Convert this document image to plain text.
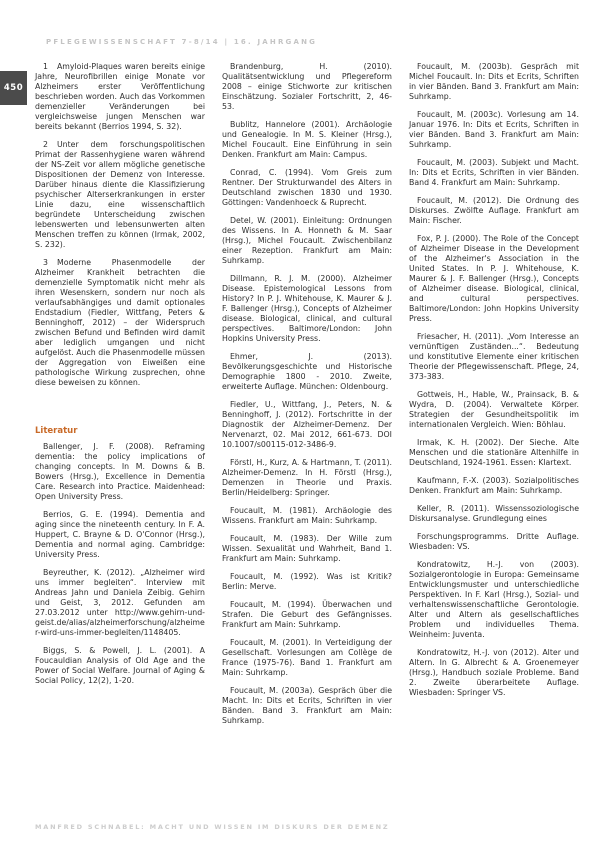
PFLEGEWISSENSCHAFT 7-8/14 | 16. JAHRGANG
450

1 Amyloid-Plaques waren bereits einige Jahre, Neurofibrillen einige Monate vor Alzheimers erster Veröffentlichung beschrieben worden. Auch das Vorkommen demenzieller Veränderungen bei vergleichsweise jungen Menschen war bereits bekannt (Berrios 1994, S. 32).

2 Unter dem forschungspolitischen Primat der Rassenhygiene waren während der NS-Zeit vor allem mögliche genetische Dispositionen der Demenz von Interesse. Darüber hinaus diente die Klassifizierung psychischer Alterserkrankungen in erster Linie dazu, eine wissenschaftlich begründete Unterscheidung zwischen lebenswerten und lebensunwerten alten Menschen treffen zu können (Irmak, 2002, S. 232).

3 Moderne Phasenmodelle der Alzheimer Krankheit betrachten die demenzielle Symptomatik nicht mehr als ihren Wesenskern, sondern nur noch als verlaufsabhängiges und damit optionales Endstadium (Fiedler, Wittfang, Peters & Benninghoff, 2012) – der Widerspruch zwischen Befund und Befinden wird damit aber lediglich umgangen und nicht aufgelöst. Auch die Phasenmodelle müssen der Aggregation von Eiweißen eine pathologische Wirkung zusprechen, ohne diese beweisen zu können.

Literatur

Ballenger, J. F. (2008). Reframing dementia: the policy implications of changing concepts. In M. Downs & B. Bowers (Hrsg.), Excellence in Dementia Care. Research into Practice. Maidenhead: Open University Press.

Berrios, G. E. (1994). Dementia and aging since the nineteenth century. In F. A. Huppert, C. Brayne & D. O'Connor (Hrsg.), Dementia and normal aging. Cambridge: University Press.

Beyreuther, K. (2012). „Alzheimer wird uns immer begleiten“. Interview mit Andreas Jahn und Daniela Zeibig. Gehirn und Geist, 3, 2012. Gefunden am 27.03.2012 unter http://www.gehirn-und-geist.de/alias/alzheimerforschung/alzheimer-wird-uns-immer-begleiten/1148405.

Biggs, S. & Powell, J. L. (2001). A Foucauldian Analysis of Old Age and the Power of Social Welfare. Journal of Aging & Social Policy, 12(2), 1-20.

Brandenburg, H. (2010). Qualitätsentwicklung und Pflegereform 2008 – einige Stichworte zur kritischen Einschätzung. Sozialer Fortschritt, 2, 46-53.

Bublitz, Hannelore (2001). Archäologie und Genealogie. In M. S. Kleiner (Hrsg.), Michel Foucault. Eine Einführung in sein Denken. Frankfurt am Main: Campus.

Conrad, C. (1994). Vom Greis zum Rentner. Der Strukturwandel des Alters in Deutschland zwischen 1830 und 1930. Göttingen: Vandenhoeck & Ruprecht.

Detel, W. (2001). Einleitung: Ordnungen des Wissens. In A. Honneth & M. Saar (Hrsg.), Michel Foucault. Zwischenbilanz einer Rezeption. Frankfurt am Main: Suhrkamp.

Dillmann, R. J. M. (2000). Alzheimer Disease. Epistemological Lessons from History? In P. J. Whitehouse, K. Maurer & J. F. Ballenger (Hrsg.), Concepts of Alzheimer disease. Biological, clinical, and cultural perspectives. Baltimore/London: John Hopkins University Press.

Ehmer, J. (2013). Bevölkerungsgeschichte und Historische Demographie 1800 - 2010. Zweite, erweiterte Auflage. München: Oldenbourg.

Fiedler, U., Wittfang, J., Peters, N. & Benninghoff, J. (2012). Fortschritte in der Diagnostik der Alzheimer-Demenz. Der Nervenarzt, 02. Mai 2012, 661-673. DOI 10.1007/s00115-012-3486-9.

Förstl, H., Kurz, A. & Hartmann, T. (2011). Alzheimer-Demenz. In H. Förstl (Hrsg.), Demenzen in Theorie und Praxis. Berlin/Heidelberg: Springer.

Foucault, M. (1981). Archäologie des Wissens. Frankfurt am Main: Suhrkamp.

Foucault, M. (1983). Der Wille zum Wissen. Sexualität und Wahrheit, Band 1. Frankfurt am Main: Suhrkamp.

Foucault, M. (1992). Was ist Kritik? Berlin: Merve.

Foucault, M. (1994). Überwachen und Strafen. Die Geburt des Gefängnisses. Frankfurt am Main: Suhrkamp.

Foucault, M. (2001). In Verteidigung der Gesellschaft. Vorlesungen am Collège de France (1975-76). Band 1. Frankfurt am Main: Suhrkamp.

Foucault, M. (2003a). Gespräch über die Macht. In: Dits et Ecrits, Schriften in vier Bänden. Band 3. Frankfurt am Main: Suhrkamp.

Foucault, M. (2003b). Gespräch mit Michel Foucault. In: Dits et Ecrits, Schriften in vier Bänden. Band 3. Frankfurt am Main: Suhrkamp.

Foucault, M. (2003c). Vorlesung am 14. Januar 1976. In: Dits et Ecrits, Schriften in vier Bänden. Band 3. Frankfurt am Main: Suhrkamp.

Foucault, M. (2003). Subjekt und Macht. In: Dits et Ecrits, Schriften in vier Bänden. Band 4. Frankfurt am Main: Suhrkamp.

Foucault, M. (2012). Die Ordnung des Diskurses. Zwölfte Auflage. Frankfurt am Main: Fischer.

Fox, P. J. (2000). The Role of the Concept of Alzheimer Disease in the Development of the Alzheimer's Association in the United States. In P. J. Whitehouse, K. Maurer & J. F. Ballenger (Hrsg.), Concepts of Alzheimer disease. Biological, clinical, and cultural perspectives. Baltimore/London: John Hopkins University Press.

Friesacher, H. (2011). „Vom Interesse an vernünftigen Zuständen...“. Bedeutung und konstitutive Elemente einer kritischen Theorie der Pflegewissenschaft. Pflege, 24, 373-383.

Gottweis, H., Hable, W., Prainsack, B. & Wydra, D. (2004). Verwaltete Körper. Strategien der Gesundheitspolitik im internationalen Vergleich. Wien: Böhlau.

Irmak, K. H. (2002). Der Sieche. Alte Menschen und die stationäre Altenhilfe in Deutschland, 1924-1961. Essen: Klartext.

Kaufmann, F.-X. (2003). Sozialpolitisches Denken. Frankfurt am Main: Suhrkamp.

Keller, R. (2011). Wissenssoziologische Diskursanalyse. Grundlegung eines

Forschungsprogramms. Dritte Auflage. Wiesbaden: VS.

Kondratowitz, H.-J. von (2003). Sozialgerontologie in Europa: Gemeinsame Entwicklungsmuster und unterschiedliche Perspektiven. In F. Karl (Hrsg.), Sozial- und verhaltenswissenschaftliche Gerontologie. Alter und Altern als gesellschaftliches Problem und individuelles Thema. Weinheim: Juventa.

Kondratowitz, H.-J. von (2012). Alter und Altern. In G. Albrecht & A. Groenemeyer (Hrsg.), Handbuch soziale Probleme. Band 2. Zweite überarbeitete Auflage. Wiesbaden: Springer VS.

MANFRED SCHNABEL: MACHT UND WISSEN IM DISKURS DER DEMENZ
